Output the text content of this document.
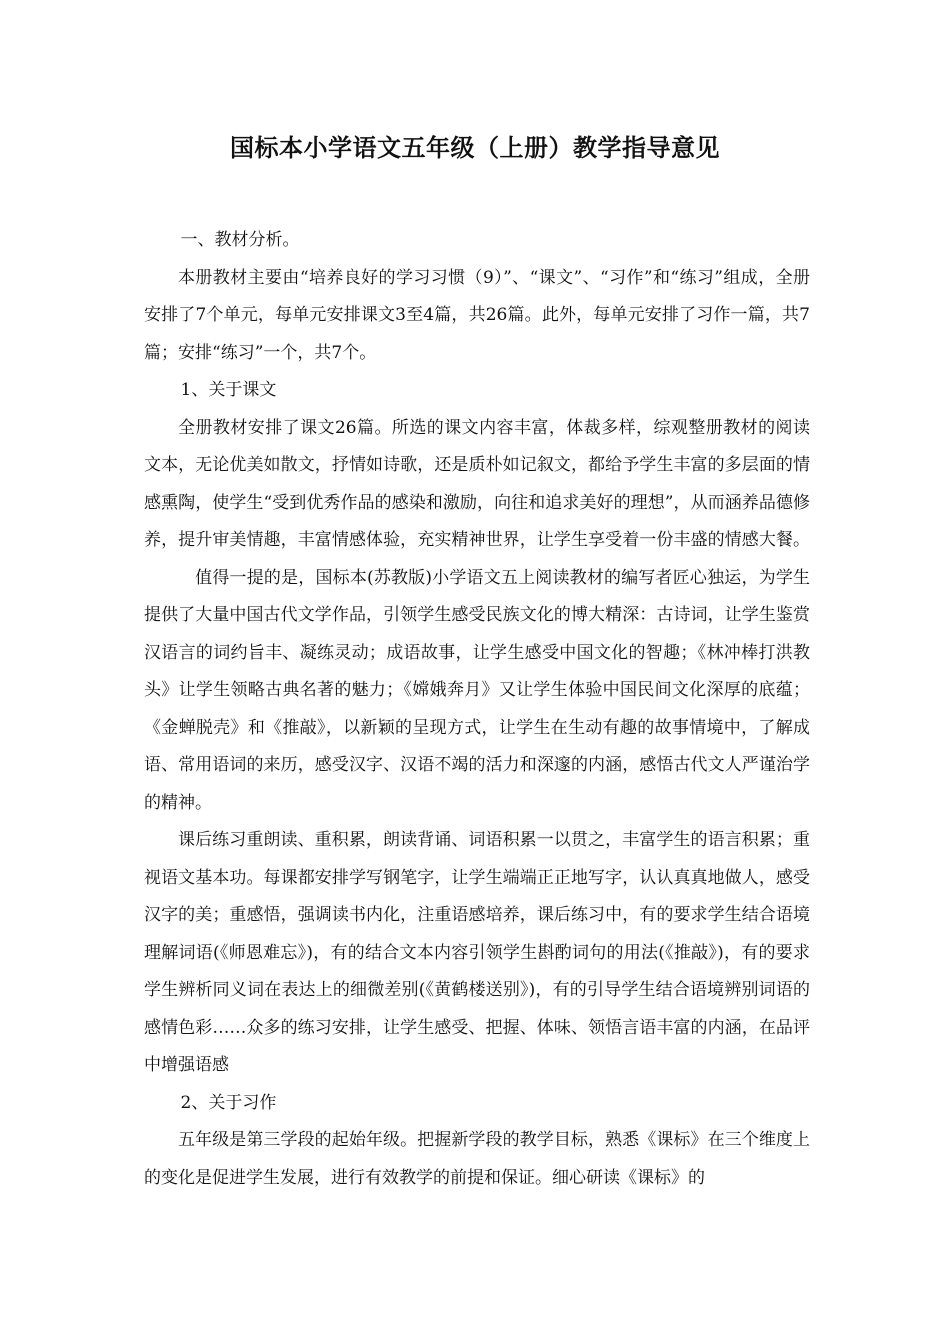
国标本小学语文五年级（上册）教学指导意见

一、教材分析。

本册教材主要由“培养良好的学习习惯（9）”、“课文”、“习作”和“练习”组成，全册安排了7个单元，每单元安排课文3至4篇，共26篇。此外，每单元安排了习作一篇，共7篇；安排“练习”一个，共7个。

1、关于课文

全册教材安排了课文26篇。所选的课文内容丰富，体裁多样，综观整册教材的阅读文本，无论优美如散文，抒情如诗歌，还是质朴如记叙文，都给予学生丰富的多层面的情感熏陶，使学生“受到优秀作品的感染和激励，向往和追求美好的理想”，从而涵养品德修养，提升审美情趣，丰富情感体验，充实精神世界，让学生享受着一份丰盛的情感大餐。值得一提的是，国标本(苏教版)小学语文五上阅读教材的编写者匠心独运，为学生提供了大量中国古代文学作品，引领学生感受民族文化的博大精深：古诗词，让学生鉴赏汉语言的词约旨丰、凝练灵动；成语故事，让学生感受中国文化的智趣；《林冲棒打洪教头》让学生领略古典名著的魅力；《嫦娥奔月》又让学生体验中国民间文化深厚的底蕴；《金蝉脱壳》和《推敲》，以新颖的呈现方式，让学生在生动有趣的故事情境中，了解成语、常用语词的来历，感受汉字、汉语不竭的活力和深邃的内涵，感悟古代文人严谨治学的精神。

课后练习重朗读、重积累，朗读背诵、词语积累一以贯之，丰富学生的语言积累；重视语文基本功。每课都安排学写钢笔字，让学生端端正正地写字，认认真真地做人，感受汉字的美；重感悟，强调读书内化，注重语感培养，课后练习中，有的要求学生结合语境理解词语(《师恩难忘》)，有的结合文本内容引领学生斟酌词句的用法(《推敲》)，有的要求学生辨析同义词在表达上的细微差别(《黄鹤楼送别》)，有的引导学生结合语境辨别词语的感情色彩……众多的练习安排，让学生感受、把握、体味、领悟言语丰富的内涵，在品评中增强语感

2、关于习作

五年级是第三学段的起始年级。把握新学段的教学目标，熟悉《课标》在三个维度上的变化是促进学生发展，进行有效教学的前提和保证。细心研读《课标》的
